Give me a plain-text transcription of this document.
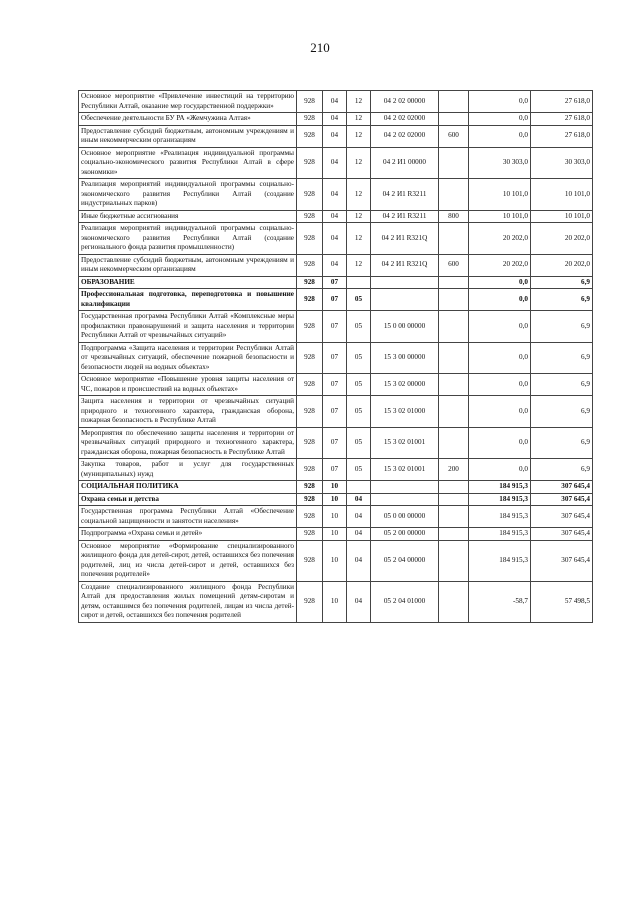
210
Основное мероприятие «Привлечение инвестиций на территорию Республики Алтай, оказание мер государственной поддержки»	928	04	12	04 2 02 00000		0,0	27 618,0
Обеспечение деятельности БУ РА «Жемчужина Алтая»	928	04	12	04 2 02 02000		0,0	27 618,0
Предоставление субсидий бюджетным, автономным учреждениям и иным некоммерческим организациям	928	04	12	04 2 02 02000	600	0,0	27 618,0
Основное мероприятие «Реализация индивидуальной программы социально-экономического развития Республики Алтай в сфере экономики»	928	04	12	04 2 И1 00000		30 303,0	30 303,0
Реализация мероприятий индивидуальной программы социально-экономического развития Республики Алтай (создание индустриальных парков)	928	04	12	04 2 И1 R3211		10 101,0	10 101,0
Иные бюджетные ассигнования	928	04	12	04 2 И1 R3211	800	10 101,0	10 101,0
Реализация мероприятий индивидуальной программы социально-экономического развития Республики Алтай (создание регионального фонда развития промышленности)	928	04	12	04 2 И1 R321Q		20 202,0	20 202,0
Предоставление субсидий бюджетным, автономным учреждениям и иным некоммерческим организациям	928	04	12	04 2 И1 R321Q	600	20 202,0	20 202,0
ОБРАЗОВАНИЕ	928	07				0,0	6,9
Профессиональная подготовка, переподготовка и повышение квалификации	928	07	05			0,0	6,9
Государственная программа Республики Алтай «Комплексные меры профилактики правонарушений и защита населения и территории Республики Алтай от чрезвычайных ситуаций»	928	07	05	15 0 00 00000		0,0	6,9
Подпрограмма «Защита населения и территории Республики Алтай от чрезвычайных ситуаций, обеспечение пожарной безопасности и безопасности людей на водных объектах»	928	07	05	15 3 00 00000		0,0	6,9
Основное мероприятие «Повышение уровня защиты населения от ЧС, пожаров и происшествий на водных объектах»	928	07	05	15 3 02 00000		0,0	6,9
Защита населения и территории от чрезвычайных ситуаций природного и техногенного характера, гражданская оборона, пожарная безопасность в Республике Алтай	928	07	05	15 3 02 01000		0,0	6,9
Мероприятия по обеспечению защиты населения и территории от чрезвычайных ситуаций природного и техногенного характера, гражданская оборона, пожарная безопасность в Республике Алтай	928	07	05	15 3 02 01001		0,0	6,9
Закупка товаров, работ и услуг для государственных (муниципальных) нужд	928	07	05	15 3 02 01001	200	0,0	6,9
СОЦИАЛЬНАЯ ПОЛИТИКА	928	10				184 915,3	307 645,4
Охрана семьи и детства	928	10	04			184 915,3	307 645,4
Государственная программа Республики Алтай «Обеспечение социальной защищенности и занятости населения»	928	10	04	05 0 00 00000		184 915,3	307 645,4
Подпрограмма «Охрана семьи и детей»	928	10	04	05 2 00 00000		184 915,3	307 645,4
Основное мероприятие «Формирование специализированного жилищного фонда для детей-сирот, детей, оставшихся без попечения родителей, лиц из числа детей-сирот и детей, оставшихся без попечения родителей»	928	10	04	05 2 04 00000		184 915,3	307 645,4
Создание специализированного жилищного фонда Республики Алтай для предоставления жилых помещений детям-сиротам и детям, оставшимся без попечения родителей, лицам из числа детей-сирот и детей, оставшихся без попечения родителей	928	10	04	05 2 04 01000		-58,7	57 498,5
